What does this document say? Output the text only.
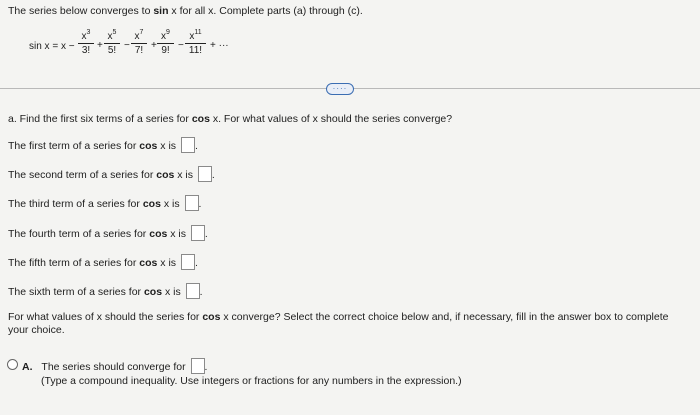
The series below converges to sin x for all x. Complete parts (a) through (c).
sin x = x −
$x^3$
3! +
$x^5$
5! −
$x^7$
7! +
$x^9$
9! −
$x^{11}$
11! + ···
····
a. Find the first six terms of a series for cos x. For what values of x should the series converge?
The first term of a series for cos x is .
The second term of a series for cos x is .
The third term of a series for cos x is .
The fourth term of a series for cos x is .
The fifth term of a series for cos x is .
The sixth term of a series for cos x is .
For what values of x should the series for cos x converge? Select the correct choice below and, if necessary, fill in the answer box to complete
your choice.
A. The series should converge for .
(Type a compound inequality. Use integers or fractions for any numbers in the expression.)
